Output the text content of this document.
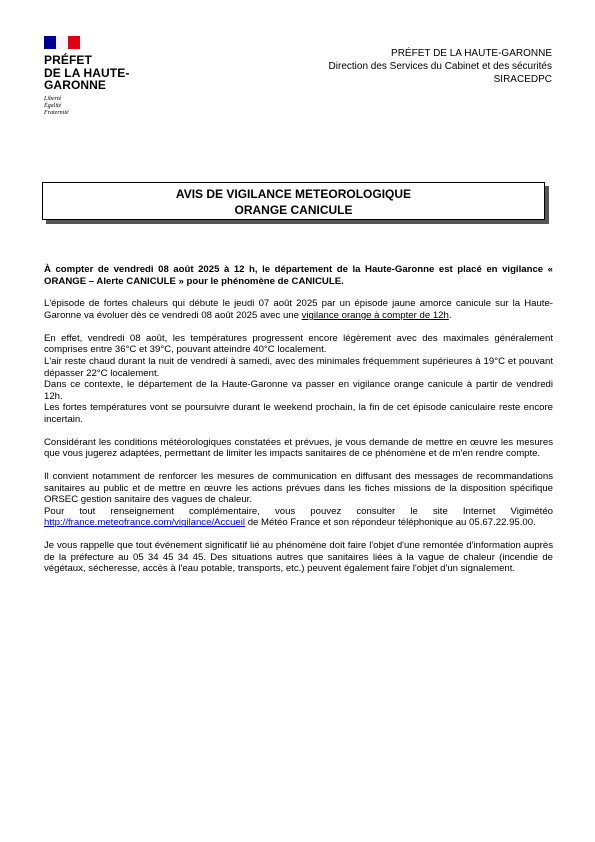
PRÉFET
DE LA HAUTE-
GARONNE
Liberté
Égalité
Fraternité
PRÉFET DE LA HAUTE-GARONNE
Direction des Services du Cabinet et des sécurités
SIRACEDPC
AVIS DE VIGILANCE METEOROLOGIQUE
ORANGE CANICULE

À compter de vendredi 08 août 2025 à 12 h, le département de la Haute-Garonne est placé en vigilance « ORANGE – Alerte CANICULE » pour le phénomène de CANICULE.

L'épisode de fortes chaleurs qui débute le jeudi 07 août 2025 par un épisode jaune amorce canicule sur la Haute-Garonne va évoluer dès ce vendredi 08 août 2025 avec une vigilance orange à compter de 12h.

En effet, vendredi 08 août, les températures progressent encore légèrement avec des maximales généralement comprises entre 36°C et 39°C, pouvant atteindre 40°C localement.

L'air reste chaud durant la nuit de vendredi à samedi, avec des minimales fréquemment supérieures à 19°C et pouvant dépasser 22°C localement.

Dans ce contexte, le département de la Haute-Garonne va passer en vigilance orange canicule à partir de vendredi 12h.

Les fortes températures vont se poursuivre durant le weekend prochain, la fin de cet épisode caniculaire reste encore incertain.

Considérant les conditions météorologiques constatées et prévues, je vous demande de mettre en œuvre les mesures que vous jugerez adaptées, permettant de limiter les impacts sanitaires de ce phénomène et de m'en rendre compte.

Il convient notamment de renforcer les mesures de communication en diffusant des messages de recommandations sanitaires au public et de mettre en œuvre les actions prévues dans les fiches missions de la disposition spécifique ORSEC gestion sanitaire des vagues de chaleur.

Pour tout renseignement complémentaire, vous pouvez consulter le site Internet Vigimétéo http://france.meteofrance.com/vigilance/Accueil de Météo France et son répondeur téléphonique au 05.67.22.95.00.

Je vous rappelle que tout événement significatif lié au phénomène doit faire l'objet d'une remontée d'information auprès de la préfecture au 05 34 45 34 45. Des situations autres que sanitaires liées à la vague de chaleur (incendie de végétaux, sécheresse, accès à l'eau potable, transports, etc.) peuvent également faire l'objet d'un signalement.
